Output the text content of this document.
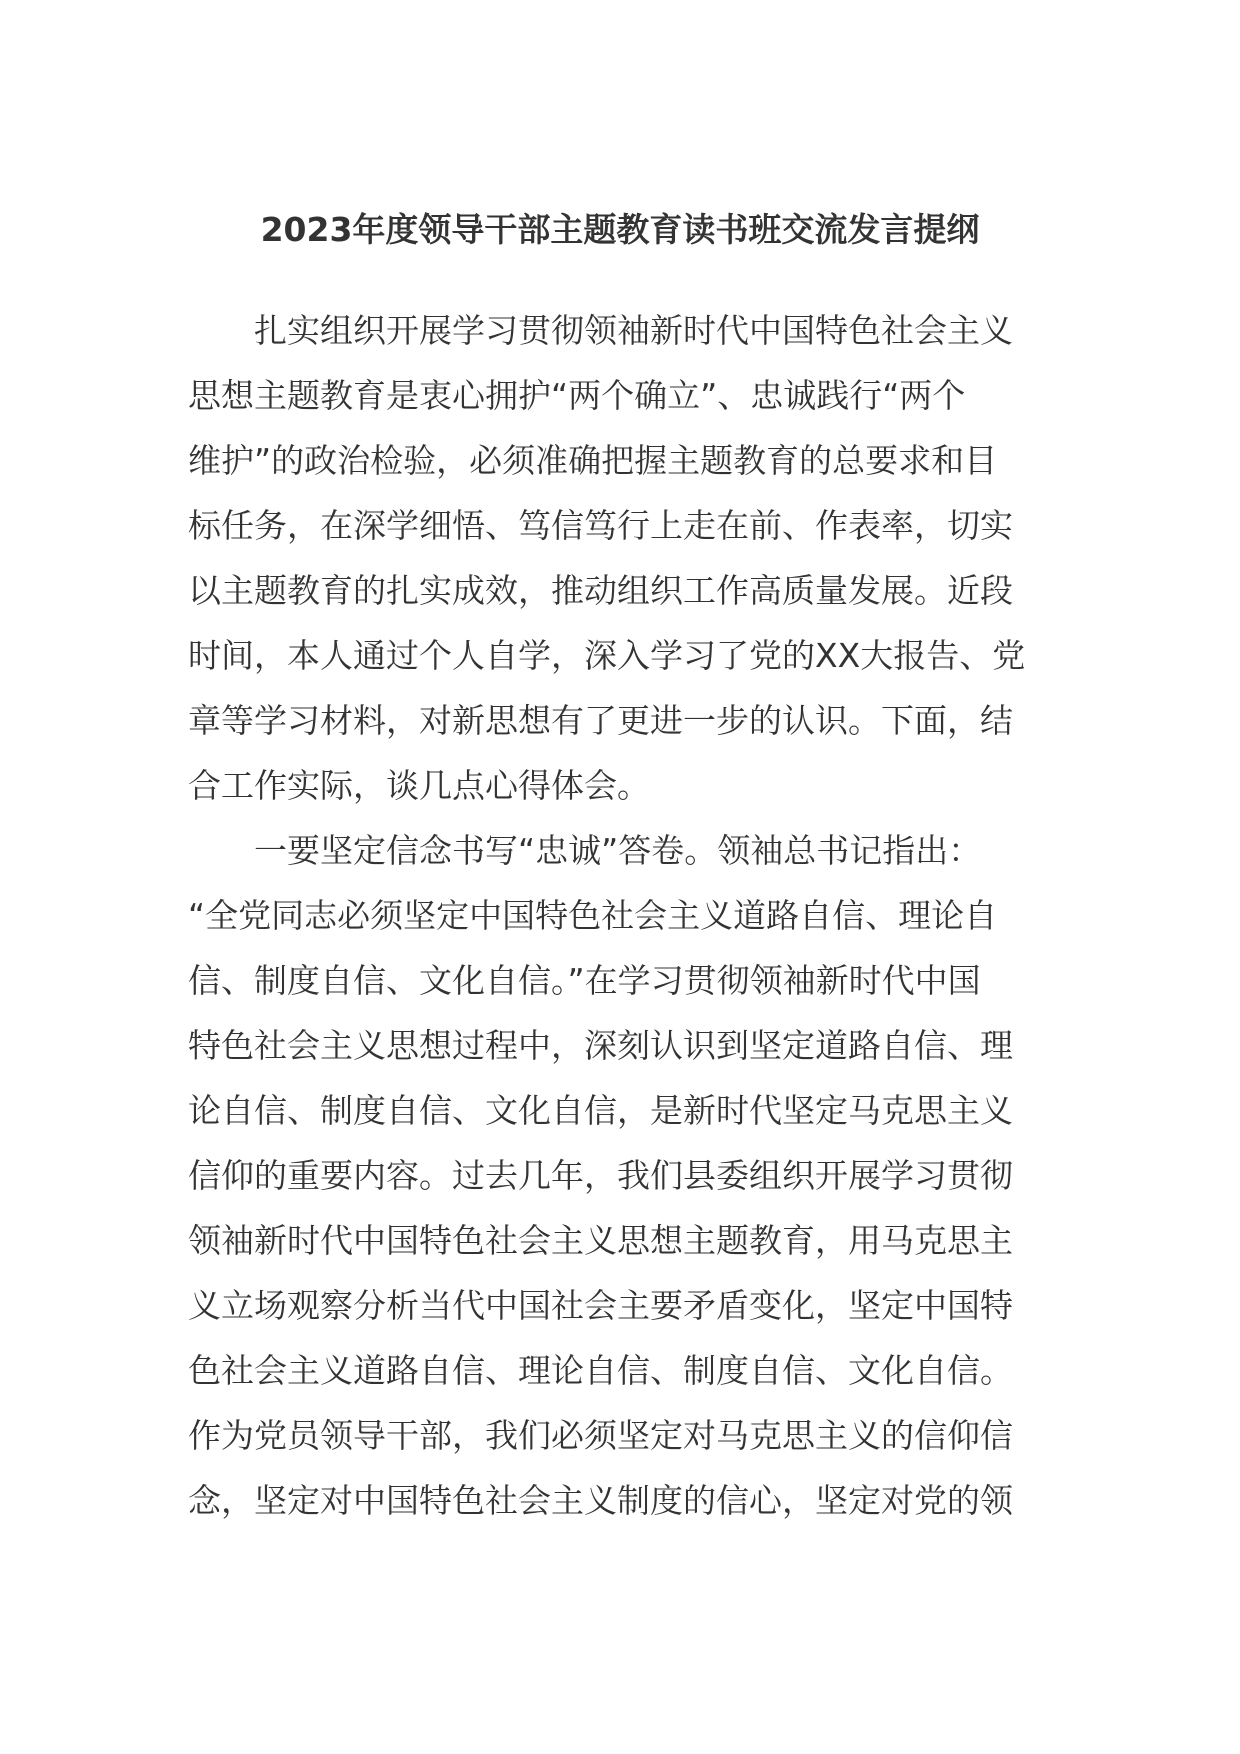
2023年度领导干部主题教育读书班交流发言提纲
扎实组织开展学习贯彻领袖新时代中国特色社会主义
思想主题教育是衷心拥护“两个确立”、忠诚践行“两个
维护”的政治检验，必须准确把握主题教育的总要求和目
标任务，在深学细悟、笃信笃行上走在前、作表率，切实
以主题教育的扎实成效，推动组织工作高质量发展。近段
时间，本人通过个人自学，深入学习了党的XX大报告、党
章等学习材料，对新思想有了更进一步的认识。下面，结
合工作实际，谈几点心得体会。
一要坚定信念书写“忠诚”答卷。领袖总书记指出：
“全党同志必须坚定中国特色社会主义道路自信、理论自
信、制度自信、文化自信。”在学习贯彻领袖新时代中国
特色社会主义思想过程中，深刻认识到坚定道路自信、理
论自信、制度自信、文化自信，是新时代坚定马克思主义
信仰的重要内容。过去几年，我们县委组织开展学习贯彻
领袖新时代中国特色社会主义思想主题教育，用马克思主
义立场观察分析当代中国社会主要矛盾变化，坚定中国特
色社会主义道路自信、理论自信、制度自信、文化自信。
作为党员领导干部，我们必须坚定对马克思主义的信仰信
念，坚定对中国特色社会主义制度的信心，坚定对党的领
